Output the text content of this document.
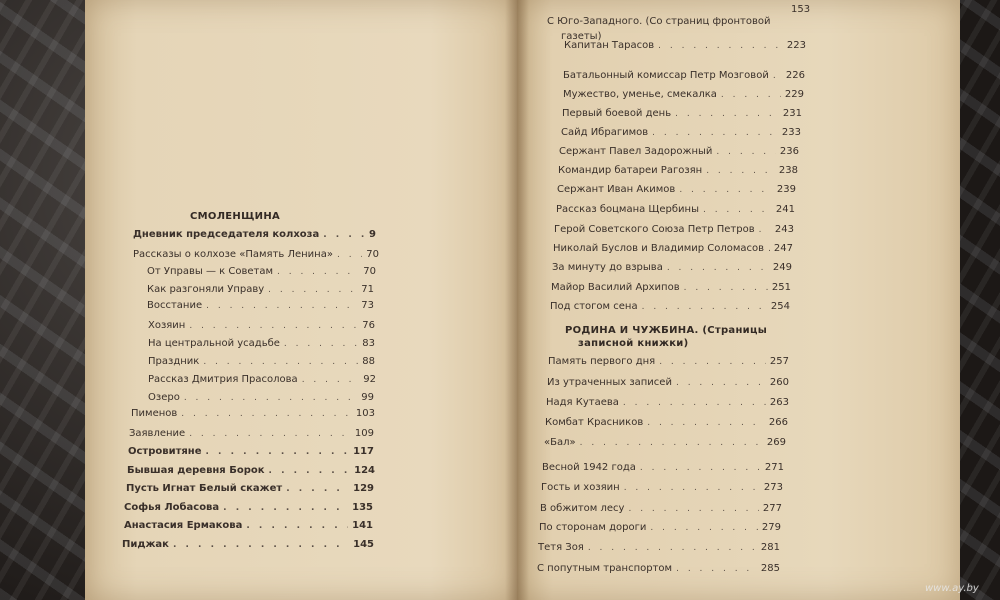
СМОЛЕНЩИНА
Дневник председателя колхоза . . .	9
Рассказы о колхозе «Память Ленина» . . .	70
От Управы — к Советам . . .	70
Как разгоняли Управу . . .	71
Восстание . . .	73
Хозяин . . .	76
На центральной усадьбе . . .	83
Праздник . . .	88
Рассказ Дмитрия Прасолова . . .	92
Озеро . . .	99
Пименов . . .	103
Заявление . . .	109
Островитяне . . .	117
Бывшая деревня Борок . . .	124
Пусть Игнат Белый скажет . . .	129
Софья Лобасова . . .	135
Анастасия Ермакова . . .	141
Пиджак . . .	145
153
С Юго-Западного. (Со страниц фронтовой
газеты)
Капитан Тарасов . . .	223
Батальонный комиссар Петр Мозговой . . . 226
Мужество, уменье, смекалка . . .	229
Первый боевой день . . .	231
Сайд Ибрагимов . . .	233
Сержант Павел Задорожный . . .	236
Командир батареи Рагозян . . .	238
Сержант Иван Акимов . . .	239
Рассказ боцмана Щербины . . .	241
Герой Советского Союза Петр Петров . . . 243
Николай Буслов и Владимир Соломасов . . . 247
За минуту до взрыва . . .	249
Майор Василий Архипов . . .	251
Под стогом сена . . .	254
РОДИНА И ЧУЖБИНА. (Страницы
записной книжки)
Память первого дня . . .	257
Из утраченных записей . . .	260
Надя Кутаева . . .	263
Комбат Красников . . .	266
«Бал» . . .	269
Весной 1942 года . . .	271
Гость и хозяин . . .	273
В обжитом лесу . . .	277
По сторонам дороги . . .	279
Тетя Зоя . . .	281
С попутным транспортом . . .	285
www.ay.by
